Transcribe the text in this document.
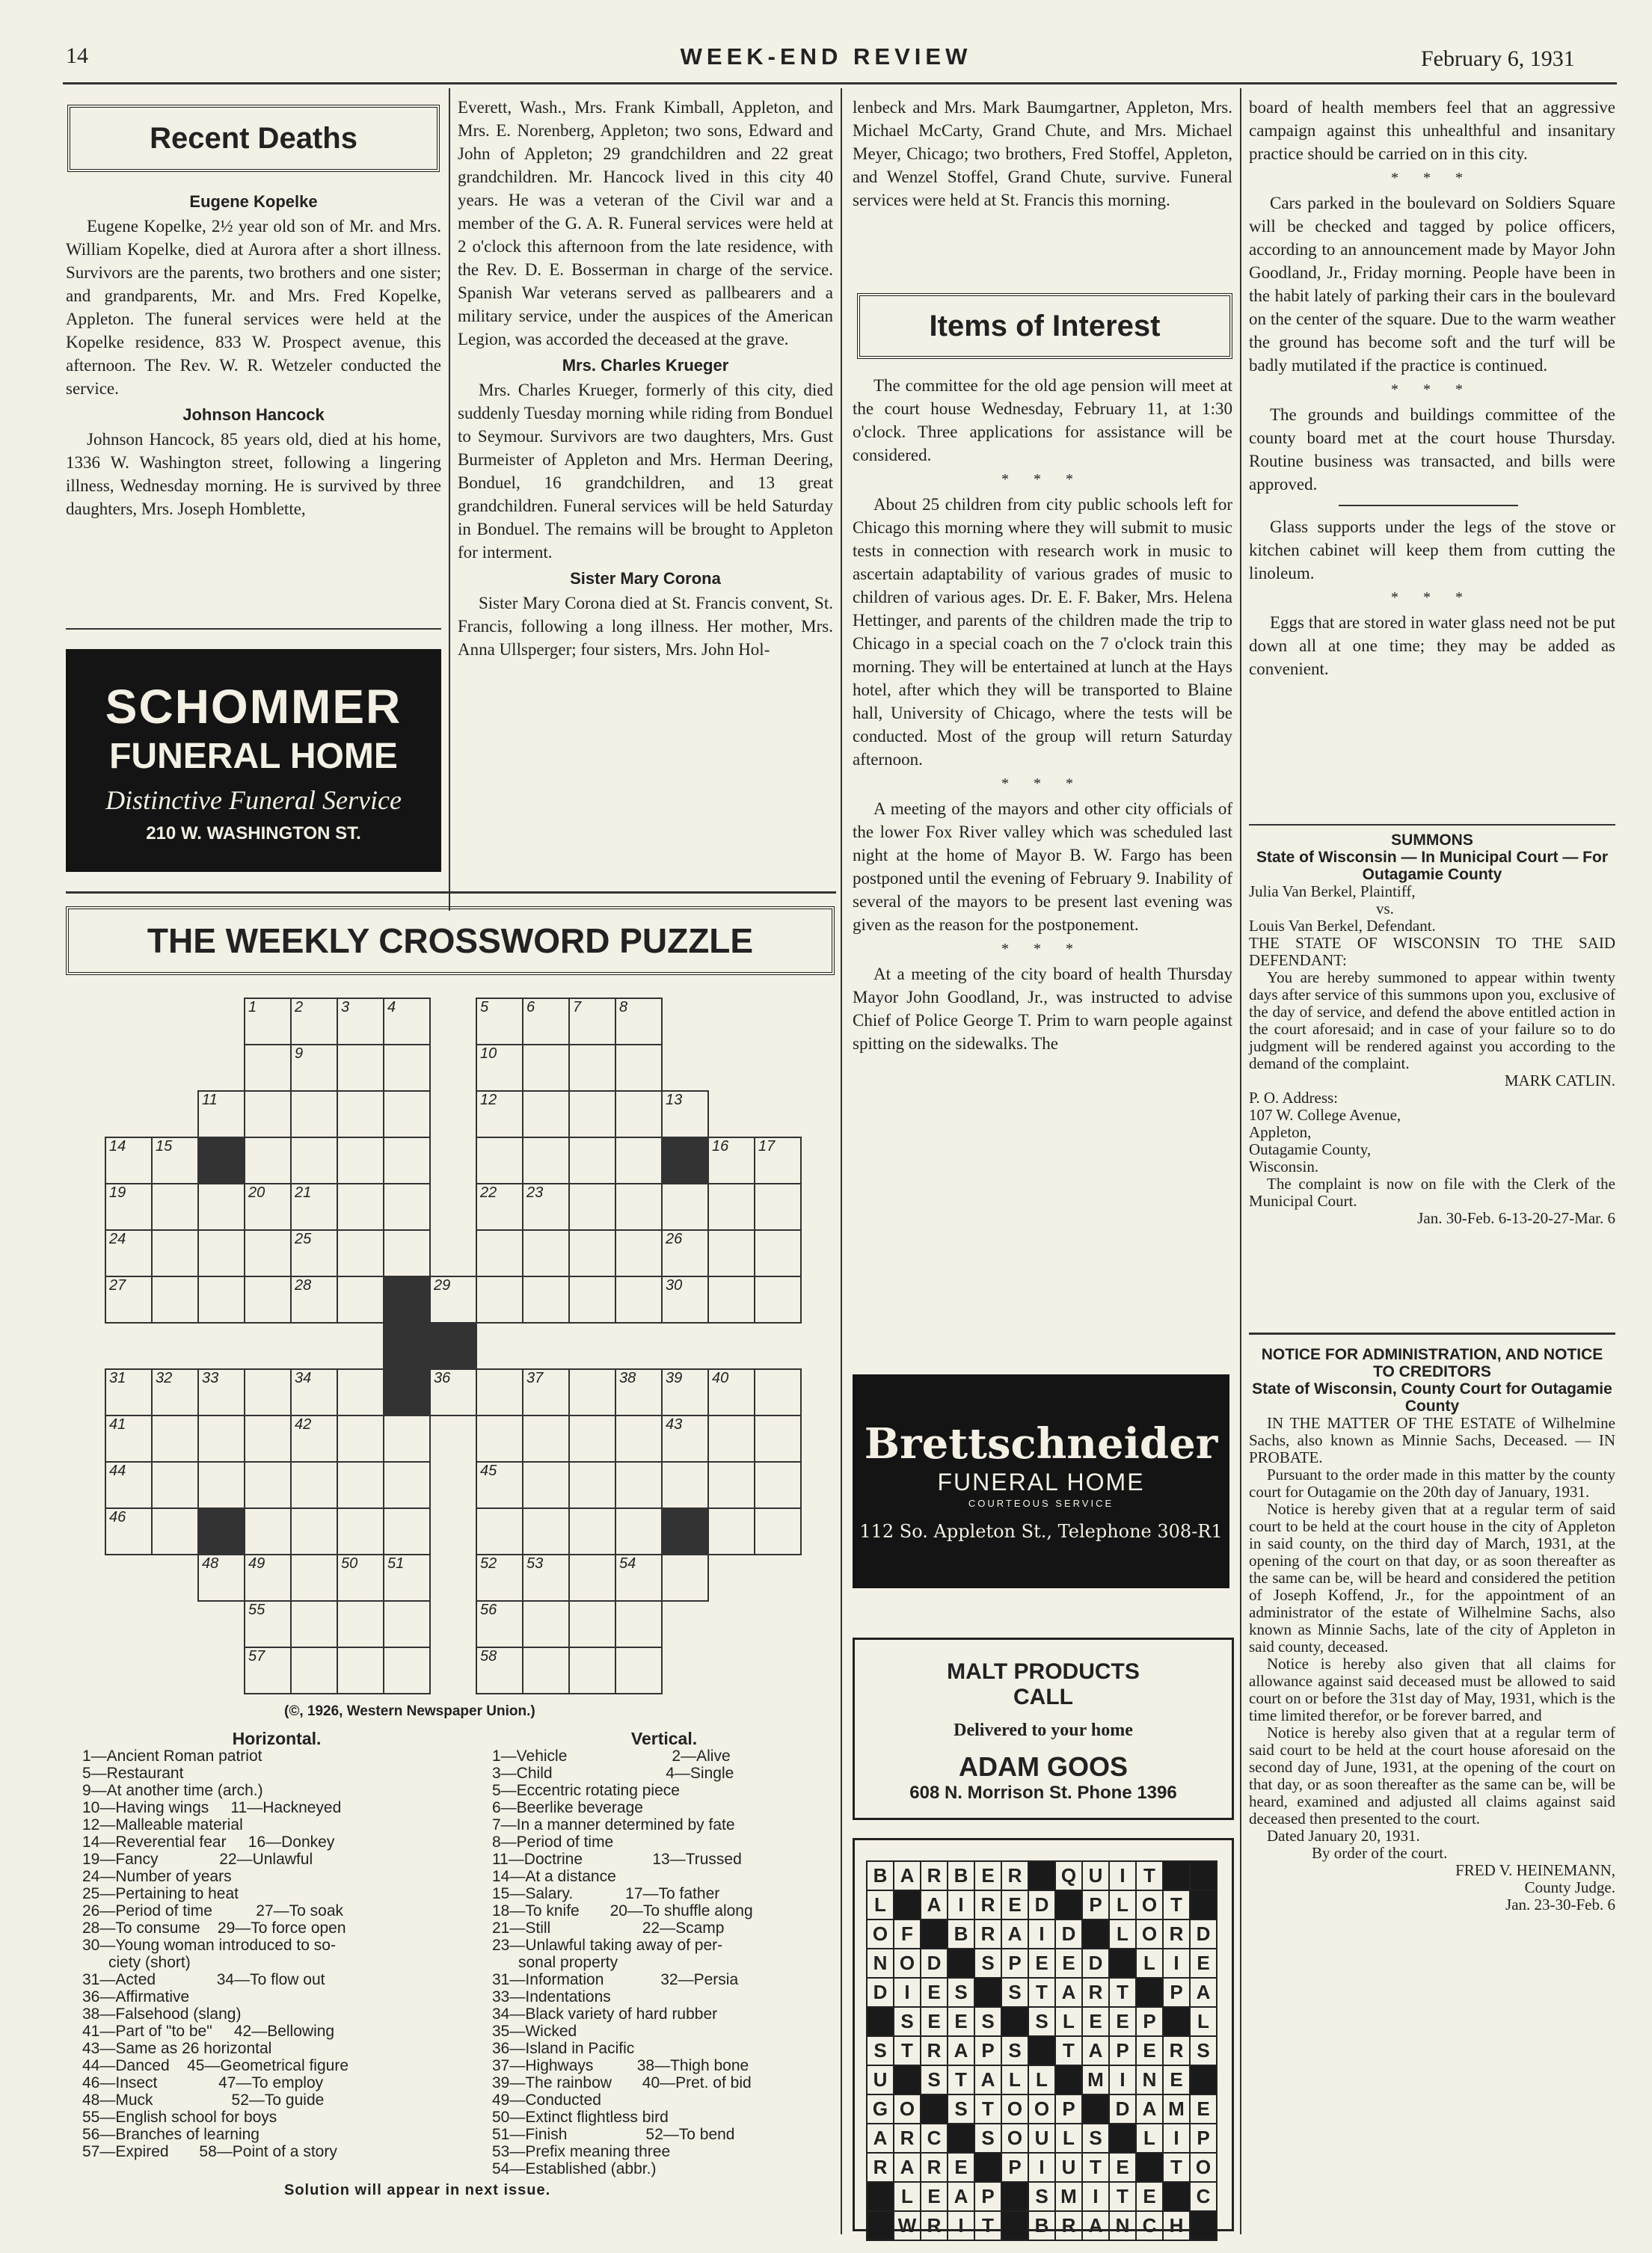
14	WEEK-END REVIEW	February 6, 1931
Recent Deaths
Eugene Kopelke

Eugene Kopelke, 2½ year old son of Mr. and Mrs. William Kopelke, died at Aurora after a short illness. Survivors are the parents, two brothers and one sister; and grandparents, Mr. and Mrs. Fred Kopelke, Appleton. The funeral services were held at the Kopelke residence, 833 W. Prospect avenue, this afternoon. The Rev. W. R. Wetzeler conducted the service.

Johnson Hancock

Johnson Hancock, 85 years old, died at his home, 1336 W. Washington street, following a lingering illness, Wednesday morning. He is survived by three daughters, Mrs. Joseph Homblette,

SCHOMMER
FUNERAL HOME
Distinctive Funeral Service
210 W. WASHINGTON ST.

Everett, Wash., Mrs. Frank Kimball, Appleton, and Mrs. E. Norenberg, Appleton; two sons, Edward and John of Appleton; 29 grandchildren and 22 great grandchildren. Mr. Hancock lived in this city 40 years. He was a veteran of the Civil war and a member of the G. A. R. Funeral services were held at 2 o'clock this afternoon from the late residence, with the Rev. D. E. Bosserman in charge of the service. Spanish War veterans served as pallbearers and a military service, under the auspices of the American Legion, was accorded the deceased at the grave.

Mrs. Charles Krueger

Mrs. Charles Krueger, formerly of this city, died suddenly Tuesday morning while riding from Bonduel to Seymour. Survivors are two daughters, Mrs. Gust Burmeister of Appleton and Mrs. Herman Deering, Bonduel, 16 grandchildren, and 13 great grandchildren. Funeral services will be held Saturday in Bonduel. The remains will be brought to Appleton for interment.

Sister Mary Corona

Sister Mary Corona died at St. Francis convent, St. Francis, following a long illness. Her mother, Mrs. Anna Ullsperger; four sisters, Mrs. John Hol-

THE WEEKLY CROSSWORD PUZZLE
			1	2	3	4		5	6	7	8			
				9				10						
		11						12				13		
14	15												16	17
19			20	21				22	23					
24				25								26		
27				28			29					30		

31	32	33		34			36		37		38	39	40	
41				42								43		
44								45						
46														
		48	49		50	51		52	53		54			
			55					56						
			57					58						
(©, 1926, Western Newspaper Union.)
Horizontal.
1—Ancient Roman patriot
5—Restaurant
9—At another time (arch.)
10—Having wings     11—Hackneyed
12—Malleable material
14—Reverential fear     16—Donkey
19—Fancy              22—Unlawful
24—Number of years
25—Pertaining to heat
26—Period of time          27—To soak
28—To consume    29—To force open
30—Young woman introduced to so-
ciety (short)
31—Acted              34—To flow out
36—Affirmative
38—Falsehood (slang)
41—Part of "to be"     42—Bellowing
43—Same as 26 horizontal
44—Danced    45—Geometrical figure
46—Insect              47—To employ
48—Muck                  52—To guide
55—English school for boys
56—Branches of learning
57—Expired       58—Point of a story
Vertical.
1—Vehicle                        2—Alive
3—Child                          4—Single
5—Eccentric rotating piece
6—Beerlike beverage
7—In a manner determined by fate
8—Period of time
11—Doctrine                13—Trussed
14—At a distance
15—Salary.            17—To father
18—To knife       20—To shuffle along
21—Still                     22—Scamp
23—Unlawful taking away of per-
sonal property
31—Information             32—Persia
33—Indentations
34—Black variety of hard rubber
35—Wicked
36—Island in Pacific
37—Highways          38—Thigh bone
39—The rainbow       40—Pret. of bid
49—Conducted
50—Extinct flightless bird
51—Finish                  52—To bend
53—Prefix meaning three
54—Established (abbr.)
Solution will appear in next issue.

lenbeck and Mrs. Mark Baumgartner, Appleton, Mrs. Michael McCarty, Grand Chute, and Mrs. Michael Meyer, Chicago; two brothers, Fred Stoffel, Appleton, and Wenzel Stoffel, Grand Chute, survive. Funeral services were held at St. Francis this morning.

Items of Interest

The committee for the old age pension will meet at the court house Wednesday, February 11, at 1:30 o'clock. Three applications for assistance will be considered.

* * *

About 25 children from city public schools left for Chicago this morning where they will submit to music tests in connection with research work in music to ascertain adaptability of various grades of music to children of various ages. Dr. E. F. Baker, Mrs. Helena Hettinger, and parents of the children made the trip to Chicago in a special coach on the 7 o'clock train this morning. They will be entertained at lunch at the Hays hotel, after which they will be transported to Blaine hall, University of Chicago, where the tests will be conducted. Most of the group will return Saturday afternoon.

* * *

A meeting of the mayors and other city officials of the lower Fox River valley which was scheduled last night at the home of Mayor B. W. Fargo has been postponed until the evening of February 9. Inability of several of the mayors to be present last evening was given as the reason for the postponement.

* * *

At a meeting of the city board of health Thursday Mayor John Goodland, Jr., was instructed to advise Chief of Police George T. Prim to warn people against spitting on the sidewalks. The

Brettschneider
FUNERAL HOME
COURTEOUS SERVICE
112 So. Appleton St., Telephone 308-R1
MALT PRODUCTS
CALL
Delivered to your home
ADAM GOOS
608 N. Morrison St. Phone 1396
B	A	R	B	E	R		Q	U	I	T		
L		A	I	R	E	D		P	L	O	T	
O	F		B	R	A	I	D		L	O	R	D
N	O	D		S	P	E	E	D		L	I	E
D	I	E	S		S	T	A	R	T		P	A
	S	E	E	S		S	L	E	E	P		L
S	T	R	A	P	S		T	A	P	E	R	S
U		S	T	A	L	L		M	I	N	E	
G	O		S	T	O	O	P		D	A	M	E
A	R	C		S	O	U	L	S		L	I	P
R	A	R	E		P	I	U	T	E		T	O
	L	E	A	P		S	M	I	T	E		C
	W	R	I	T		B	R	A	N	C	H	

board of health members feel that an aggressive campaign against this unhealthful and insanitary practice should be carried on in this city.

* * *

Cars parked in the boulevard on Soldiers Square will be checked and tagged by police officers, according to an announcement made by Mayor John Goodland, Jr., Friday morning. People have been in the habit lately of parking their cars in the boulevard on the center of the square. Due to the warm weather the ground has become soft and the turf will be badly mutilated if the practice is continued.

* * *

The grounds and buildings committee of the county board met at the court house Thursday. Routine business was transacted, and bills were approved.

Glass supports under the legs of the stove or kitchen cabinet will keep them from cutting the linoleum.

* * *

Eggs that are stored in water glass need not be put down all at one time; they may be added as convenient.

SUMMONS

State of Wisconsin — In Municipal Court — For Outagamie County

Julia Van Berkel, Plaintiff,

vs.

Louis Van Berkel, Defendant.

THE STATE OF WISCONSIN TO THE SAID DEFENDANT:

You are hereby summoned to appear within twenty days after service of this summons upon you, exclusive of the day of service, and defend the above entitled action in the court aforesaid; and in case of your failure so to do judgment will be rendered against you according to the demand of the complaint.

MARK CATLIN.

P. O. Address:
107 W. College Avenue,
Appleton,
Outagamie County,
Wisconsin.

The complaint is now on file with the Clerk of the Municipal Court.

Jan. 30-Feb. 6-13-20-27-Mar. 6

NOTICE FOR ADMINISTRATION, AND NOTICE TO CREDITORS

State of Wisconsin, County Court for Outagamie County

IN THE MATTER OF THE ESTATE of Wilhelmine Sachs, also known as Minnie Sachs, Deceased. — IN PROBATE.

Pursuant to the order made in this matter by the county court for Outagamie on the 20th day of January, 1931.

Notice is hereby given that at a regular term of said court to be held at the court house in the city of Appleton in said county, on the third day of March, 1931, at the opening of the court on that day, or as soon thereafter as the same can be, will be heard and considered the petition of Joseph Koffend, Jr., for the appointment of an administrator of the estate of Wilhelmine Sachs, also known as Minnie Sachs, late of the city of Appleton in said county, deceased.

Notice is hereby also given that all claims for allowance against said deceased must be allowed to said court on or before the 31st day of May, 1931, which is the time limited therefor, or be forever barred, and

Notice is hereby also given that at a regular term of said court to be held at the court house aforesaid on the second day of June, 1931, at the opening of the court on that day, or as soon thereafter as the same can be, will be heard, examined and adjusted all claims against said deceased then presented to the court.

Dated January 20, 1931.

By order of the court.

FRED V. HEINEMANN,

County Judge.

Jan. 23-30-Feb. 6
